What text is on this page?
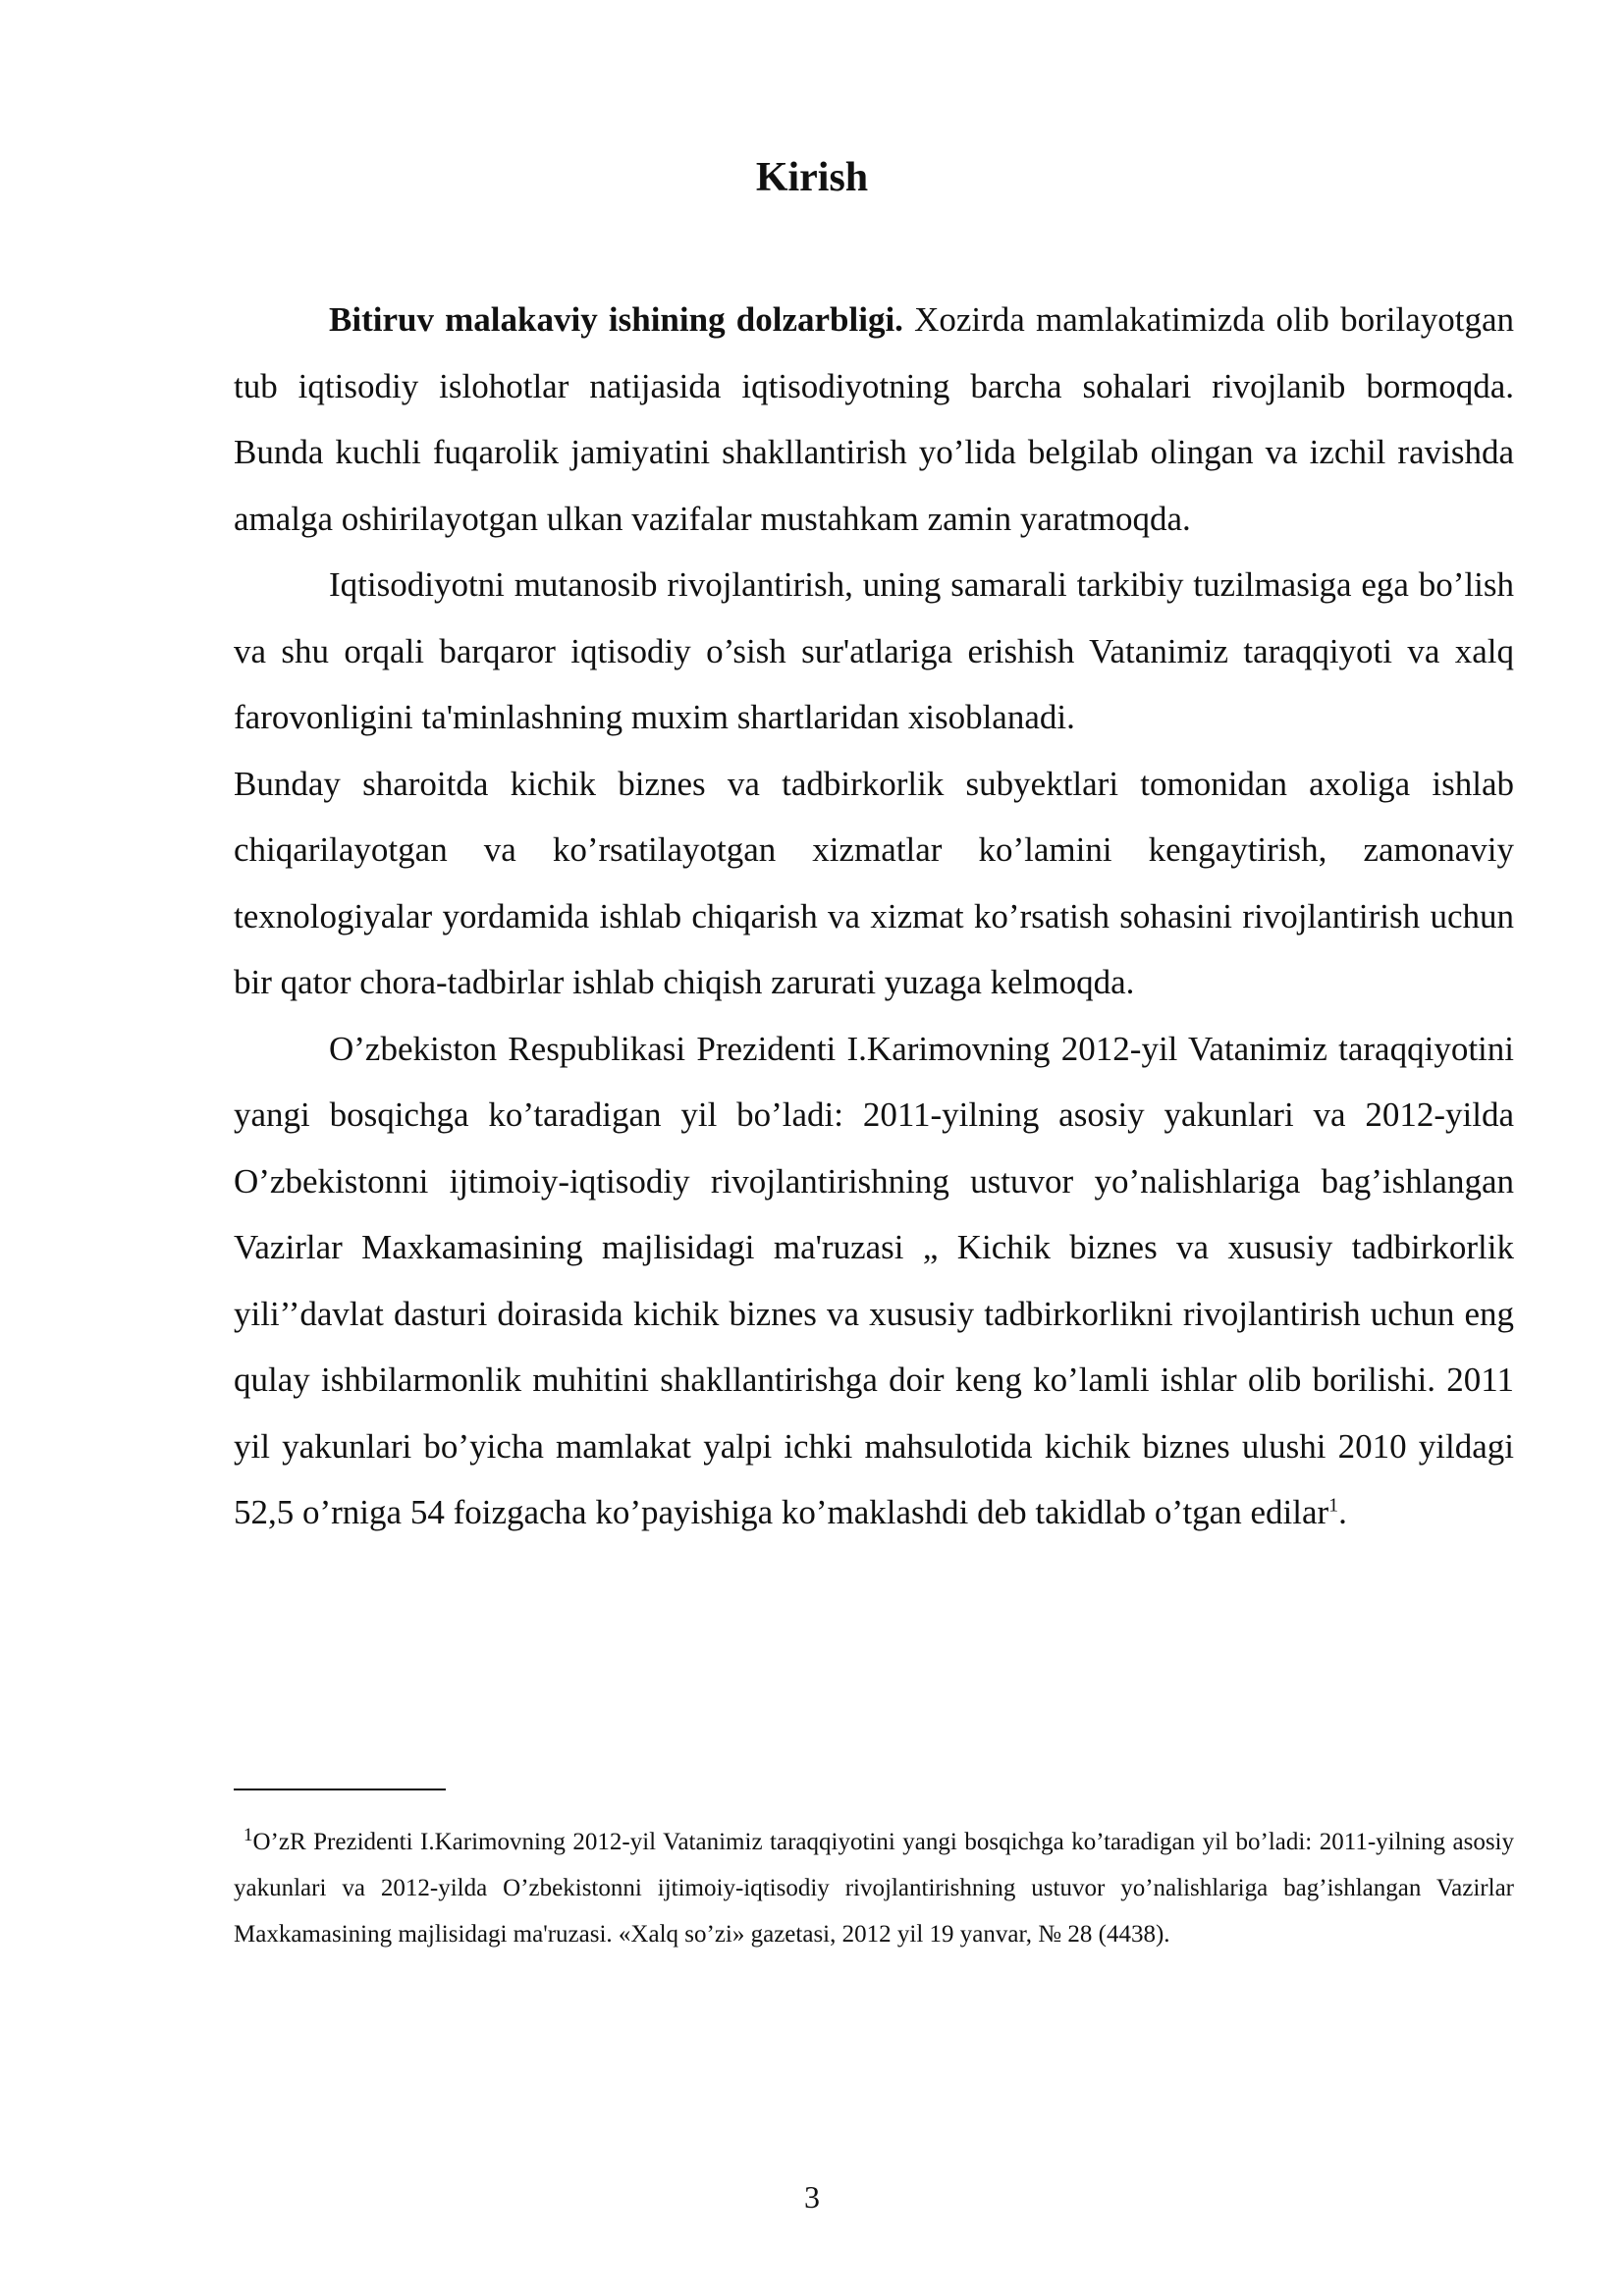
Kirish

Bitiruv malakaviy ishining dolzarbligi. Xozirda mamlakatimizda olib borilayotgan tub iqtisodiy islohotlar natijasida iqtisodiyotning barcha sohalari rivojlanib bormoqda. Bunda kuchli fuqarolik jamiyatini shakllantirish yo’lida belgilab olingan va izchil ravishda amalga oshirilayotgan ulkan vazifalar mustahkam zamin yaratmoqda.

Iqtisodiyotni mutanosib rivojlantirish, uning samarali tarkibiy tuzilmasiga ega bo’lish va shu orqali barqaror iqtisodiy o’sish sur'atlariga erishish Vatanimiz taraqqiyoti va xalq farovonligini ta'minlashning muxim shartlaridan xisoblanadi.

Bunday sharoitda kichik biznes va tadbirkorlik subyektlari tomonidan axoliga ishlab chiqarilayotgan va ko’rsatilayotgan xizmatlar ko’lamini kengaytirish, zamonaviy texnologiyalar yordamida ishlab chiqarish va xizmat ko’rsatish sohasini rivojlantirish uchun bir qator chora-tadbirlar ishlab chiqish zarurati yuzaga kelmoqda.

O’zbekiston Respublikasi Prezidenti I.Karimovning 2012-yil Vatanimiz taraqqiyotini yangi bosqichga ko’taradigan yil bo’ladi: 2011-yilning asosiy yakunlari va 2012-yilda O’zbekistonni ijtimoiy-iqtisodiy rivojlantirishning ustuvor yo’nalishlariga bag’ishlangan Vazirlar Maxkamasining majlisidagi ma'ruzasi „ Kichik biznes va xususiy tadbirkorlik yili’’davlat dasturi doirasida kichik biznes va xususiy tadbirkorlikni rivojlantirish uchun eng qulay ishbilarmonlik muhitini shakllantirishga doir keng ko’lamli ishlar olib borilishi. 2011 yil yakunlari bo’yicha mamlakat yalpi ichki mahsulotida kichik biznes ulushi 2010 yildagi 52,5 o’rniga 54 foizgacha ko’payishiga ko’maklashdi deb takidlab o’tgan edilar$^1$.

$^1$O’zR Prezidenti I.Karimovning 2012-yil Vatanimiz taraqqiyotini yangi bosqichga ko’taradigan yil bo’ladi: 2011-yilning asosiy yakunlari va 2012-yilda O’zbekistonni ijtimoiy-iqtisodiy rivojlantirishning ustuvor yo’nalishlariga bag’ishlangan Vazirlar Maxkamasining majlisidagi ma'ruzasi. «Xalq so’zi» gazetasi, 2012 yil 19 yanvar, № 28 (4438).

3
